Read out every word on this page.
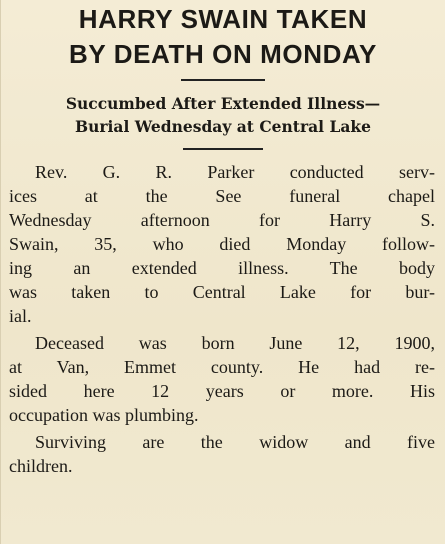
HARRY SWAIN TAKEN
BY DEATH ON MONDAY

Succumbed After Extended Illness—

Burial Wednesday at Central Lake

Rev. G. R. Parker conducted serv-
ices at the See funeral chapel
Wednesday afternoon for Harry S.
Swain, 35, who died Monday follow-
ing an extended illness. The body
was taken to Central Lake for bur-
ial.
Deceased was born June 12, 1900,
at Van, Emmet county. He had re-
sided here 12 years or more. His
occupation was plumbing.
Surviving are the widow and five
children.
